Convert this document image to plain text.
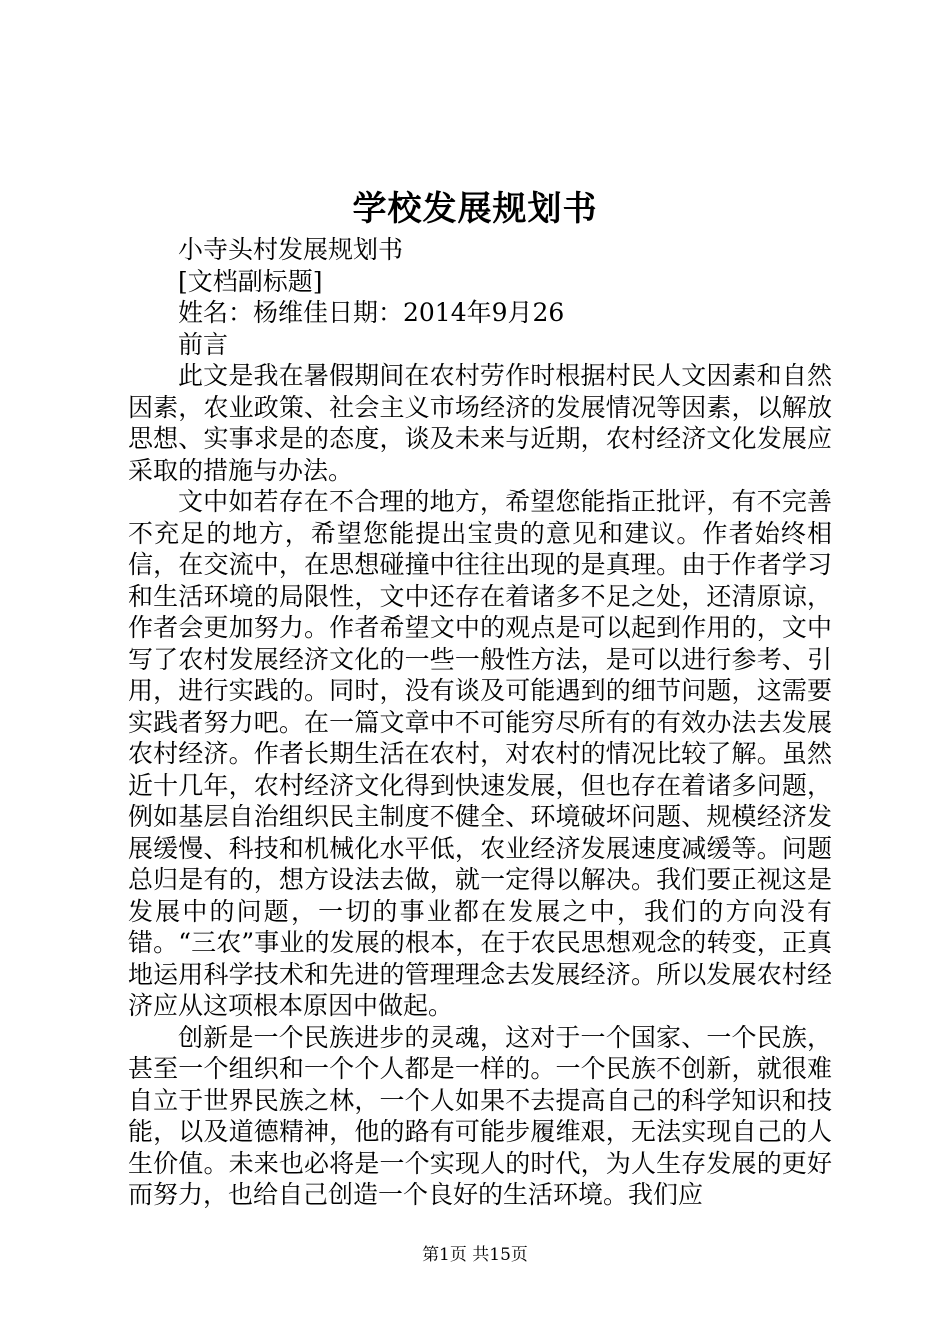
学校发展规划书

小寺头村发展规划书

[文档副标题]

姓名：杨维佳日期：2014年9月26

前言

此文是我在暑假期间在农村劳作时根据村民人文因素和自然因素，农业政策、社会主义市场经济的发展情况等因素，以解放思想、实事求是的态度，谈及未来与近期，农村经济文化发展应采取的措施与办法。

文中如若存在不合理的地方，希望您能指正批评，有不完善不充足的地方，希望您能提出宝贵的意见和建议。作者始终相信，在交流中，在思想碰撞中往往出现的是真理。由于作者学习和生活环境的局限性，文中还存在着诸多不足之处，还清原谅，作者会更加努力。作者希望文中的观点是可以起到作用的，文中写了农村发展经济文化的一些一般性方法，是可以进行参考、引用，进行实践的。同时，没有谈及可能遇到的细节问题，这需要实践者努力吧。在一篇文章中不可能穷尽所有的有效办法去发展农村经济。作者长期生活在农村，对农村的情况比较了解。虽然近十几年，农村经济文化得到快速发展，但也存在着诸多问题，例如基层自治组织民主制度不健全、环境破坏问题、规模经济发展缓慢、科技和机械化水平低，农业经济发展速度减缓等。问题总归是有的，想方设法去做，就一定得以解决。我们要正视这是发展中的问题，一切的事业都在发展之中，我们的方向没有错。“三农”事业的发展的根本，在于农民思想观念的转变，正真地运用科学技术和先进的管理理念去发展经济。所以发展农村经济应从这项根本原因中做起。

创新是一个民族进步的灵魂，这对于一个国家、一个民族，甚至一个组织和一个个人都是一样的。一个民族不创新，就很难自立于世界民族之林，一个人如果不去提高自己的科学知识和技能，以及道德精神，他的路有可能步履维艰，无法实现自己的人生价值。未来也必将是一个实现人的时代，为人生存发展的更好而努力，也给自己创造一个良好的生活环境。我们应

第1页 共15页
